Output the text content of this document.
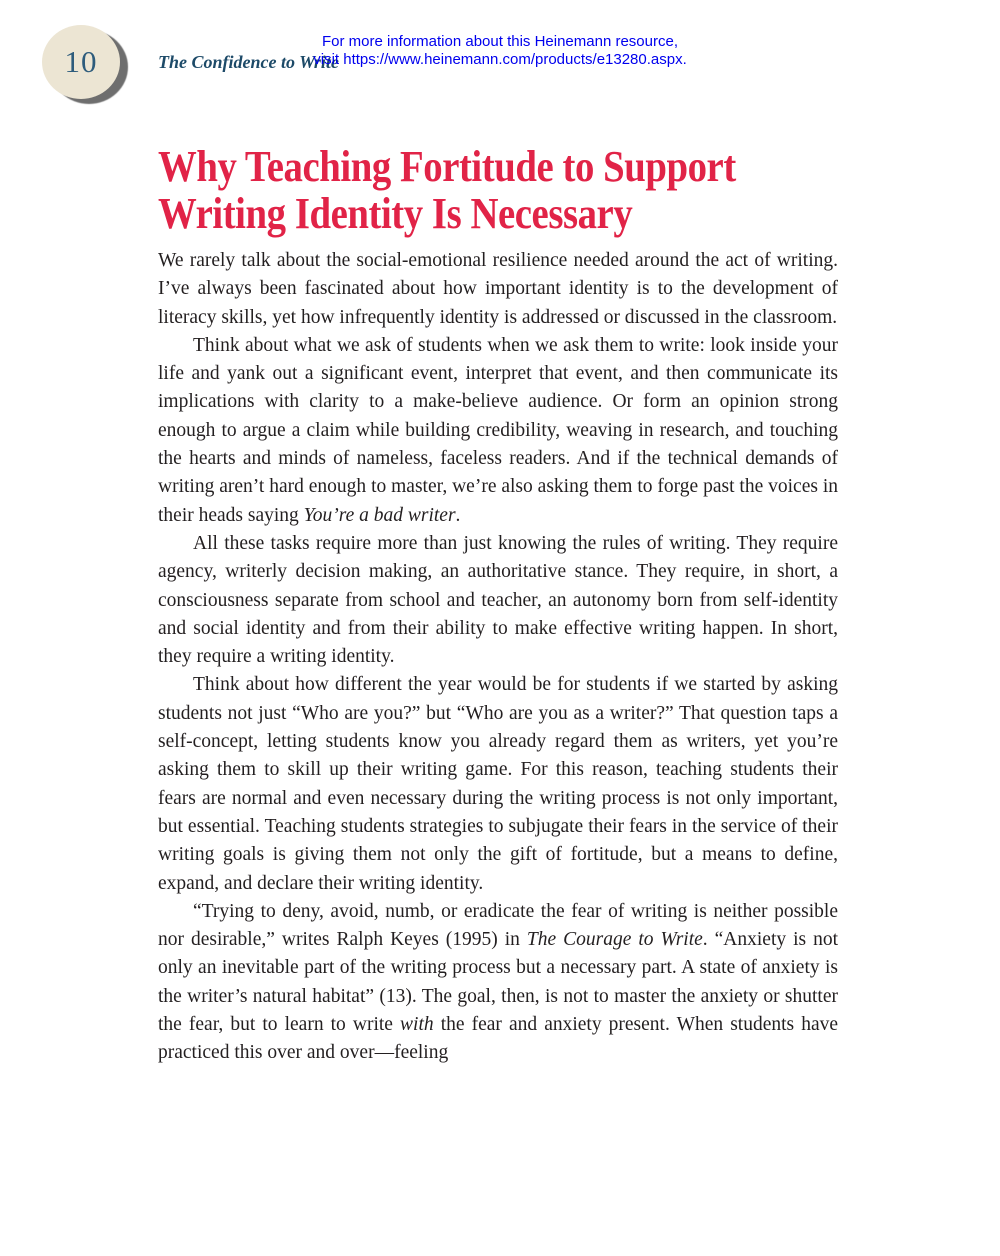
10	The Confidence to Write
For more information about this Heinemann resource,
visit https://www.heinemann.com/products/e13280.aspx.
Why Teaching Fortitude to Support Writing Identity Is Necessary

We rarely talk about the social-emotional resilience needed around the act of writing. I’ve always been fascinated about how important identity is to the development of literacy skills, yet how infrequently identity is addressed or discussed in the classroom.

Think about what we ask of students when we ask them to write: look inside your life and yank out a significant event, interpret that event, and then communicate its implications with clarity to a make-believe audience. Or form an opinion strong enough to argue a claim while building credibility, weaving in research, and touching the hearts and minds of nameless, faceless readers. And if the technical demands of writing aren’t hard enough to master, we’re also asking them to forge past the voices in their heads saying You’re a bad writer.

All these tasks require more than just knowing the rules of writing. They require agency, writerly decision making, an authoritative stance. They require, in short, a consciousness separate from school and teacher, an autonomy born from self-identity and social identity and from their ability to make effective writing happen. In short, they require a writing identity.

Think about how different the year would be for students if we started by asking students not just “Who are you?” but “Who are you as a writer?” That question taps a self-concept, letting students know you already regard them as writers, yet you’re asking them to skill up their writing game. For this reason, teaching students their fears are normal and even necessary during the writing process is not only important, but essential. Teaching students strategies to subjugate their fears in the service of their writing goals is giving them not only the gift of fortitude, but a means to define, expand, and declare their writing identity.

“Trying to deny, avoid, numb, or eradicate the fear of writing is neither possible nor desirable,” writes Ralph Keyes (1995) in The Courage to Write. “Anxiety is not only an inevitable part of the writing process but a necessary part. A state of anxiety is the writer’s natural habitat” (13). The goal, then, is not to master the anxiety or shutter the fear, but to learn to write with the fear and anxiety present. When students have practiced this over and over—feeling
